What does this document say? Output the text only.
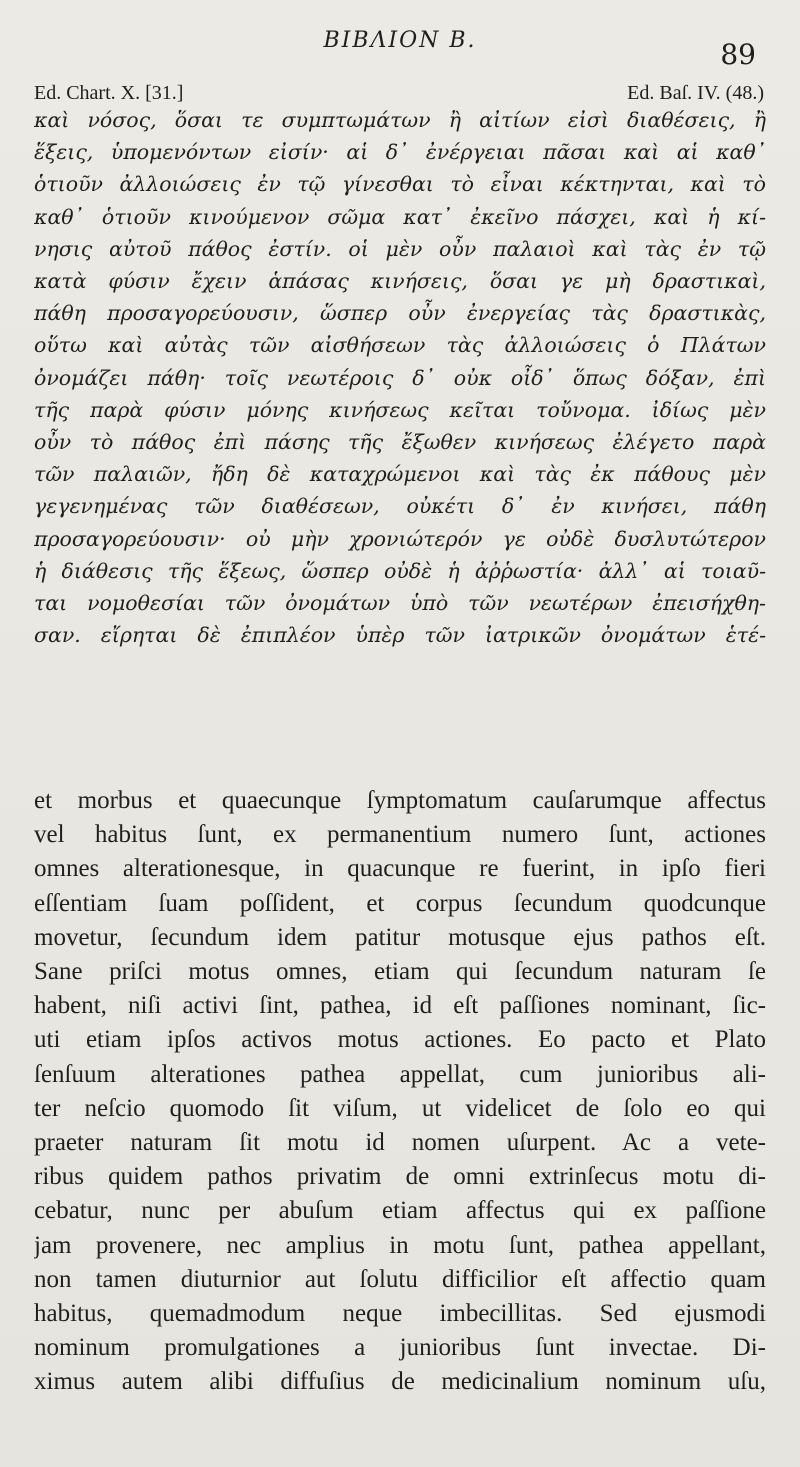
ΒΙΒΛΙΟΝ Β.	89
Ed. Chart. X. [31.]	Ed. Baſ. IV. (48.)

καὶ νόσος, ὅσαι τε συμπτωμάτων ἢ αἰτίων εἰσὶ διαθέσεις, ἢ

ἕξεις, ὑπομενόντων εἰσίν· αἱ δ᾽ ἐνέργειαι πᾶσαι καὶ αἱ καθ᾽

ὁτιοῦν ἀλλοιώσεις ἐν τῷ γίνεσθαι τὸ εἶναι κέκτηνται, καὶ τὸ

καθ᾽ ὁτιοῦν κινούμενον σῶμα κατ᾽ ἐκεῖνο πάσχει, καὶ ἡ κί-

νησις αὐτοῦ πάθος ἐστίν. οἱ μὲν οὖν παλαιοὶ καὶ τὰς ἐν τῷ

κατὰ φύσιν ἔχειν ἁπάσας κινήσεις, ὅσαι γε μὴ δραστικαὶ,

πάθη προσαγορεύουσιν, ὥσπερ οὖν ἐνεργείας τὰς δραστικὰς,

οὕτω καὶ αὐτὰς τῶν αἰσθήσεων τὰς ἀλλοιώσεις ὁ Πλάτων

ὀνομάζει πάθη· τοῖς νεωτέροις δ᾽ οὐκ οἶδ᾽ ὅπως δόξαν, ἐπὶ

τῆς παρὰ φύσιν μόνης κινήσεως κεῖται τοὔνομα. ἰδίως μὲν

οὖν τὸ πάθος ἐπὶ πάσης τῆς ἔξωθεν κινήσεως ἐλέγετο παρὰ

τῶν παλαιῶν, ἤδη δὲ καταχρώμενοι καὶ τὰς ἐκ πάθους μὲν

γεγενημένας τῶν διαθέσεων, οὐκέτι δ᾽ ἐν κινήσει, πάθη

προσαγορεύουσιν· οὐ μὴν χρονιώτερόν γε οὐδὲ δυσλυτώτερον

ἡ διάθεσις τῆς ἕξεως, ὥσπερ οὐδὲ ἡ ἀῤῥωστία· ἀλλ᾽ αἱ τοιαῦ-

ται νομοθεσίαι τῶν ὀνομάτων ὑπὸ τῶν νεωτέρων ἐπεισήχθη-

σαν. εἴρηται δὲ ἐπιπλέον ὑπὲρ τῶν ἰατρικῶν ὀνομάτων ἑτέ-

et morbus et quaecunque ſymptomatum cauſarumque affectus

vel habitus ſunt, ex permanentium numero ſunt, actiones

omnes alterationesque, in quacunque re fuerint, in ipſo fieri

eſſentiam ſuam poſſident, et corpus ſecundum quodcunque

movetur, ſecundum idem patitur motusque ejus pathos eſt.

Sane priſci motus omnes, etiam qui ſecundum naturam ſe

habent, niſi activi ſint, pathea, id eſt paſſiones nominant, ſic-

uti etiam ipſos activos motus actiones. Eo pacto et Plato

ſenſuum alterationes pathea appellat, cum junioribus ali-

ter neſcio quomodo ſit viſum, ut videlicet de ſolo eo qui

praeter naturam ſit motu id nomen uſurpent. Ac a vete-

ribus quidem pathos privatim de omni extrinſecus motu di-

cebatur, nunc per abuſum etiam affectus qui ex paſſione

jam provenere, nec amplius in motu ſunt, pathea appellant,

non tamen diuturnior aut ſolutu difficilior eſt affectio quam

habitus, quemadmodum neque imbecillitas. Sed ejusmodi

nominum promulgationes a junioribus ſunt invectae. Di-

ximus autem alibi diffuſius de medicinalium nominum uſu,
